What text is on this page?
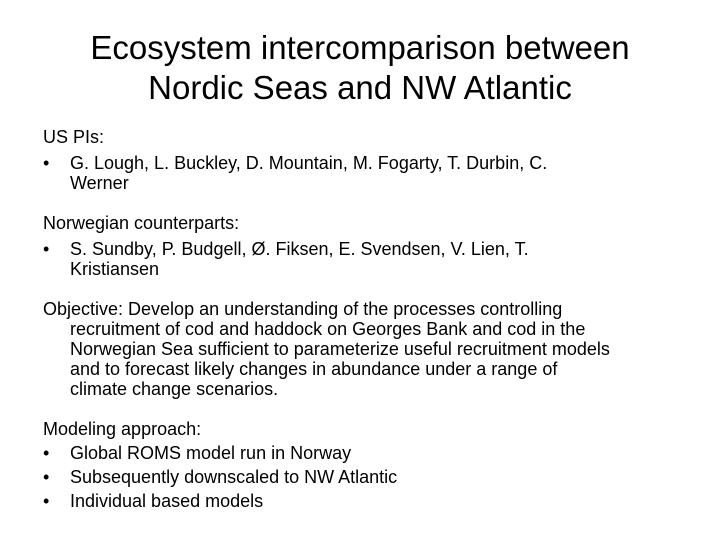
Ecosystem intercomparison between
Nordic Seas and NW Atlantic
US PIs:
• G. Lough, L. Buckley, D. Mountain, M. Fogarty, T. Durbin, C.
Werner
Norwegian counterparts:
• S. Sundby, P. Budgell, Ø. Fiksen, E. Svendsen, V. Lien, T.
Kristiansen
Objective: Develop an understanding of the processes controlling
recruitment of cod and haddock on Georges Bank and cod in the
Norwegian Sea sufficient to parameterize useful recruitment models
and to forecast likely changes in abundance under a range of
climate change scenarios.
Modeling approach:
• Global ROMS model run in Norway
• Subsequently downscaled to NW Atlantic
• Individual based models
